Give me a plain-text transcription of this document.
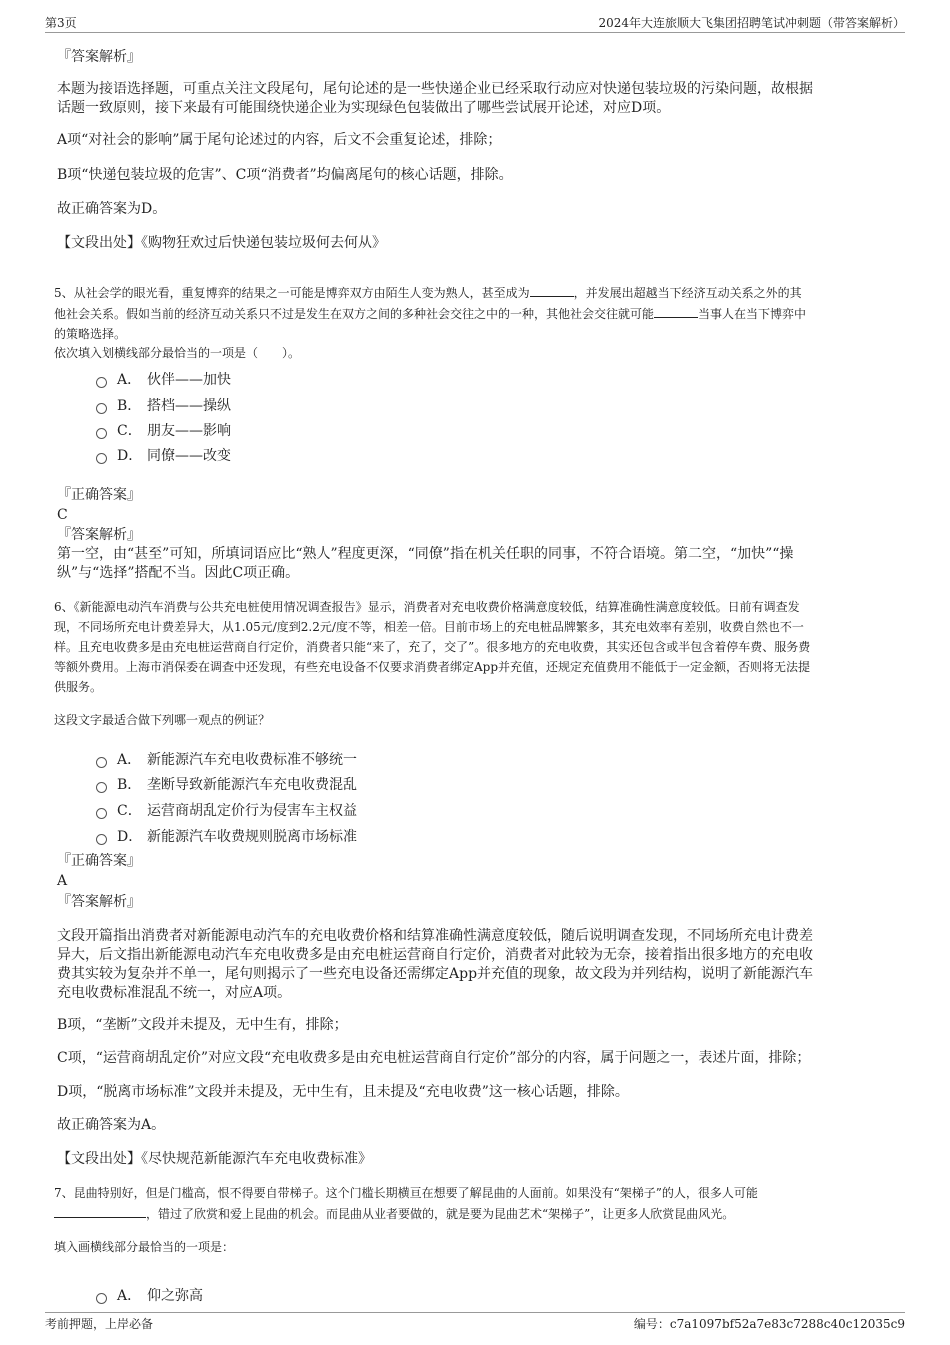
第3页	2024年大连旅顺大飞集团招聘笔试冲刺题（带答案解析）
『答案解析』
本题为接语选择题，可重点关注文段尾句，尾句论述的是一些快递企业已经采取行动应对快递包装垃圾的污染问题，故根据
话题一致原则，接下来最有可能围绕快递企业为实现绿色包装做出了哪些尝试展开论述，对应D项。
A项“对社会的影响”属于尾句论述过的内容，后文不会重复论述，排除；
B项“快递包装垃圾的危害”、C项“消费者”均偏离尾句的核心话题，排除。
故正确答案为D。
【文段出处】《购物狂欢过后快递包装垃圾何去何从》
5、从社会学的眼光看，重复博弈的结果之一可能是博弈双方由陌生人变为熟人，甚至成为	，并发展出超越当下经济互动关系之外的其
他社会关系。假如当前的经济互动关系只不过是发生在双方之间的多种社会交往之中的一种，其他社会交往就可能	当事人在当下博弈中
的策略选择。
依次填入划横线部分最恰当的一项是（　　）。
A． 伙伴——加快
B． 搭档——操纵
C． 朋友——影响
D． 同僚——改变
『正确答案』
C
『答案解析』
第一空，由“甚至”可知，所填词语应比“熟人”程度更深，“同僚”指在机关任职的同事，不符合语境。第二空，“加快”“操
纵”与“选择”搭配不当。因此C项正确。
6、《新能源电动汽车消费与公共充电桩使用情况调查报告》显示，消费者对充电收费价格满意度较低，结算准确性满意度较低。日前有调查发
现，不同场所充电计费差异大，从1.05元/度到2.2元/度不等，相差一倍。目前市场上的充电桩品牌繁多，其充电效率有差别，收费自然也不一
样。且充电收费多是由充电桩运营商自行定价，消费者只能“来了，充了，交了”。很多地方的充电收费，其实还包含或半包含着停车费、服务费
等额外费用。上海市消保委在调查中还发现，有些充电设备不仅要求消费者绑定App并充值，还规定充值费用不能低于一定金额，否则将无法提
供服务。
这段文字最适合做下列哪一观点的例证？
A． 新能源汽车充电收费标准不够统一
B． 垄断导致新能源汽车充电收费混乱
C． 运营商胡乱定价行为侵害车主权益
D． 新能源汽车收费规则脱离市场标准
『正确答案』
A
『答案解析』
文段开篇指出消费者对新能源电动汽车的充电收费价格和结算准确性满意度较低，随后说明调查发现，不同场所充电计费差
异大，后文指出新能源电动汽车充电收费多是由充电桩运营商自行定价，消费者对此较为无奈，接着指出很多地方的充电收
费其实较为复杂并不单一，尾句则揭示了一些充电设备还需绑定App并充值的现象，故文段为并列结构，说明了新能源汽车
充电收费标准混乱不统一，对应A项。
B项，“垄断”文段并未提及，无中生有，排除；
C项，“运营商胡乱定价”对应文段“充电收费多是由充电桩运营商自行定价”部分的内容，属于问题之一，表述片面，排除；
D项，“脱离市场标准”文段并未提及，无中生有，且未提及“充电收费”这一核心话题，排除。
故正确答案为A。
【文段出处】《尽快规范新能源汽车充电收费标准》
7、昆曲特别好，但是门槛高，恨不得要自带梯子。这个门槛长期横亘在想要了解昆曲的人面前。如果没有“架梯子”的人，很多人可能
，错过了欣赏和爱上昆曲的机会。而昆曲从业者要做的，就是要为昆曲艺术“架梯子”，让更多人欣赏昆曲风光。
填入画横线部分最恰当的一项是：
A． 仰之弥高
考前押题，上岸必备	编号：c7a1097bf52a7e83c7288c40c12035c9
